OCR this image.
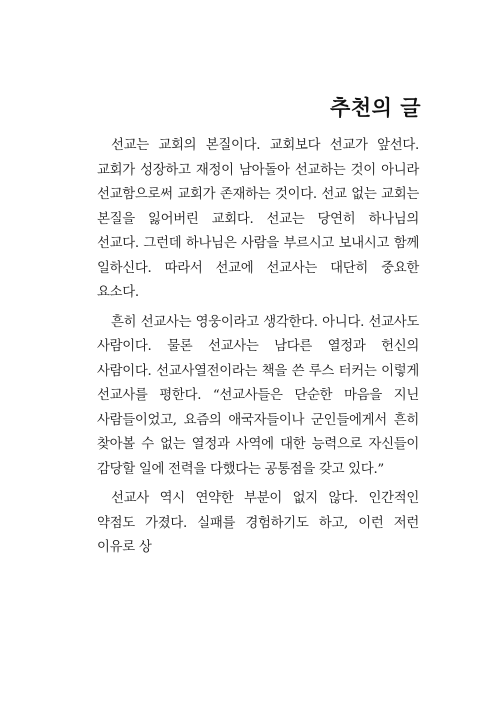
추천의 글

선교는 교회의 본질이다. 교회보다 선교가 앞선다. 교회가 성장하고 재정이 남아돌아 선교하는 것이 아니라 선교함으로써 교회가 존재하는 것이다. 선교 없는 교회는 본질을 잃어버린 교회다. 선교는 당연히 하나님의 선교다. 그런데 하나님은 사람을 부르시고 보내시고 함께 일하신다. 따라서 선교에 선교사는 대단히 중요한 요소다.

흔히 선교사는 영웅이라고 생각한다. 아니다. 선교사도 사람이다. 물론 선교사는 남다른 열정과 헌신의 사람이다. 선교사열전이라는 책을 쓴 루스 터커는 이렇게 선교사를 평한다. “선교사들은 단순한 마음을 지닌 사람들이었고, 요즘의 애국자들이나 군인들에게서 흔히 찾아볼 수 없는 열정과 사역에 대한 능력으로 자신들이 감당할 일에 전력을 다했다는 공통점을 갖고 있다.”

선교사 역시 연약한 부분이 없지 않다. 인간적인 약점도 가졌다. 실패를 경험하기도 하고, 이런 저런 이유로 상
